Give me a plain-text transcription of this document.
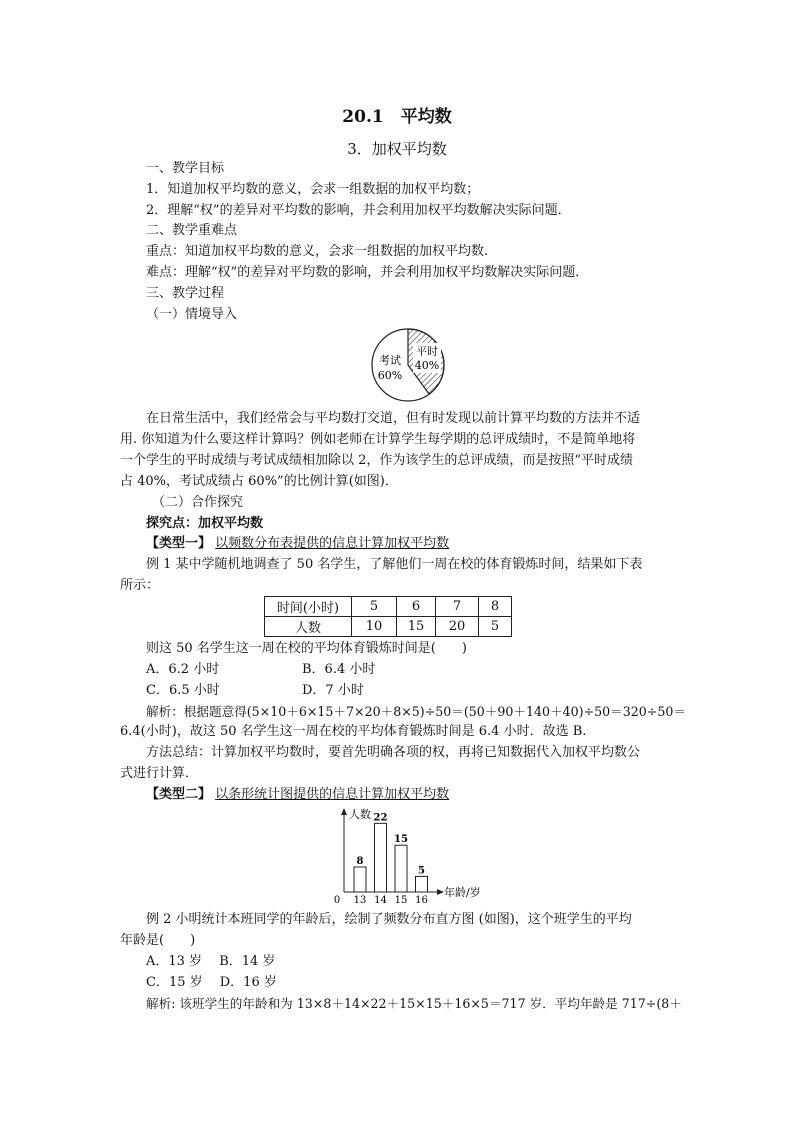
20.1　平均数
3．加权平均数
一、教学目标
1．知道加权平均数的意义，会求一组数据的加权平均数；
2．理解“权”的差异对平均数的影响，并会利用加权平均数解决实际问题．
二、教学重难点
重点：知道加权平均数的意义，会求一组数据的加权平均数.
难点：理解“权”的差异对平均数的影响，并会利用加权平均数解决实际问题．
三、教学过程
（一）情境导入
平时
40%
考试
60%
在日常生活中，我们经常会与平均数打交道，但有时发现以前计算平均数的方法并不适
用. 你知道为什么要这样计算吗？例如老师在计算学生每学期的总评成绩时，不是简单地将
一个学生的平时成绩与考试成绩相加除以 2，作为该学生的总评成绩，而是按照“平时成绩
占 40%，考试成绩占 60%”的比例计算(如图)．
（二）合作探究
探究点：加权平均数
【类型一】 以频数分布表提供的信息计算加权平均数
例 1 某中学随机地调查了 50 名学生，了解他们一周在校的体育锻炼时间，结果如下表
所示：
时间(小时)	5	6	7	8
人数	10	15	20	5
则这 50 名学生这一周在校的平均体育锻炼时间是(　　)
A．6.2 小时	B．6.4 小时
C．6.5 小时	D．7 小时
解析：根据题意得(5×10＋6×15＋7×20＋8×5)÷50＝(50＋90＋140＋40)÷50＝320÷50＝
6.4(小时)，故这 50 名学生这一周在校的平均体育锻炼时间是 6.4 小时．故选 B.
方法总结：计算加权平均数时，要首先明确各项的权，再将已知数据代入加权平均数公
式进行计算．
【类型二】 以条形统计图提供的信息计算加权平均数
人数
年龄/岁
0
8
13
22
14
15
15
5
16
例 2 小明统计本班同学的年龄后，绘制了频数分布直方图 (如图)，这个班学生的平均
年龄是(　　)
A．13 岁　 B．14 岁
C．15 岁　 D．16 岁
解析: 该班学生的年龄和为 13×8＋14×22＋15×15＋16×5＝717 岁．平均年龄是 717÷(8＋
